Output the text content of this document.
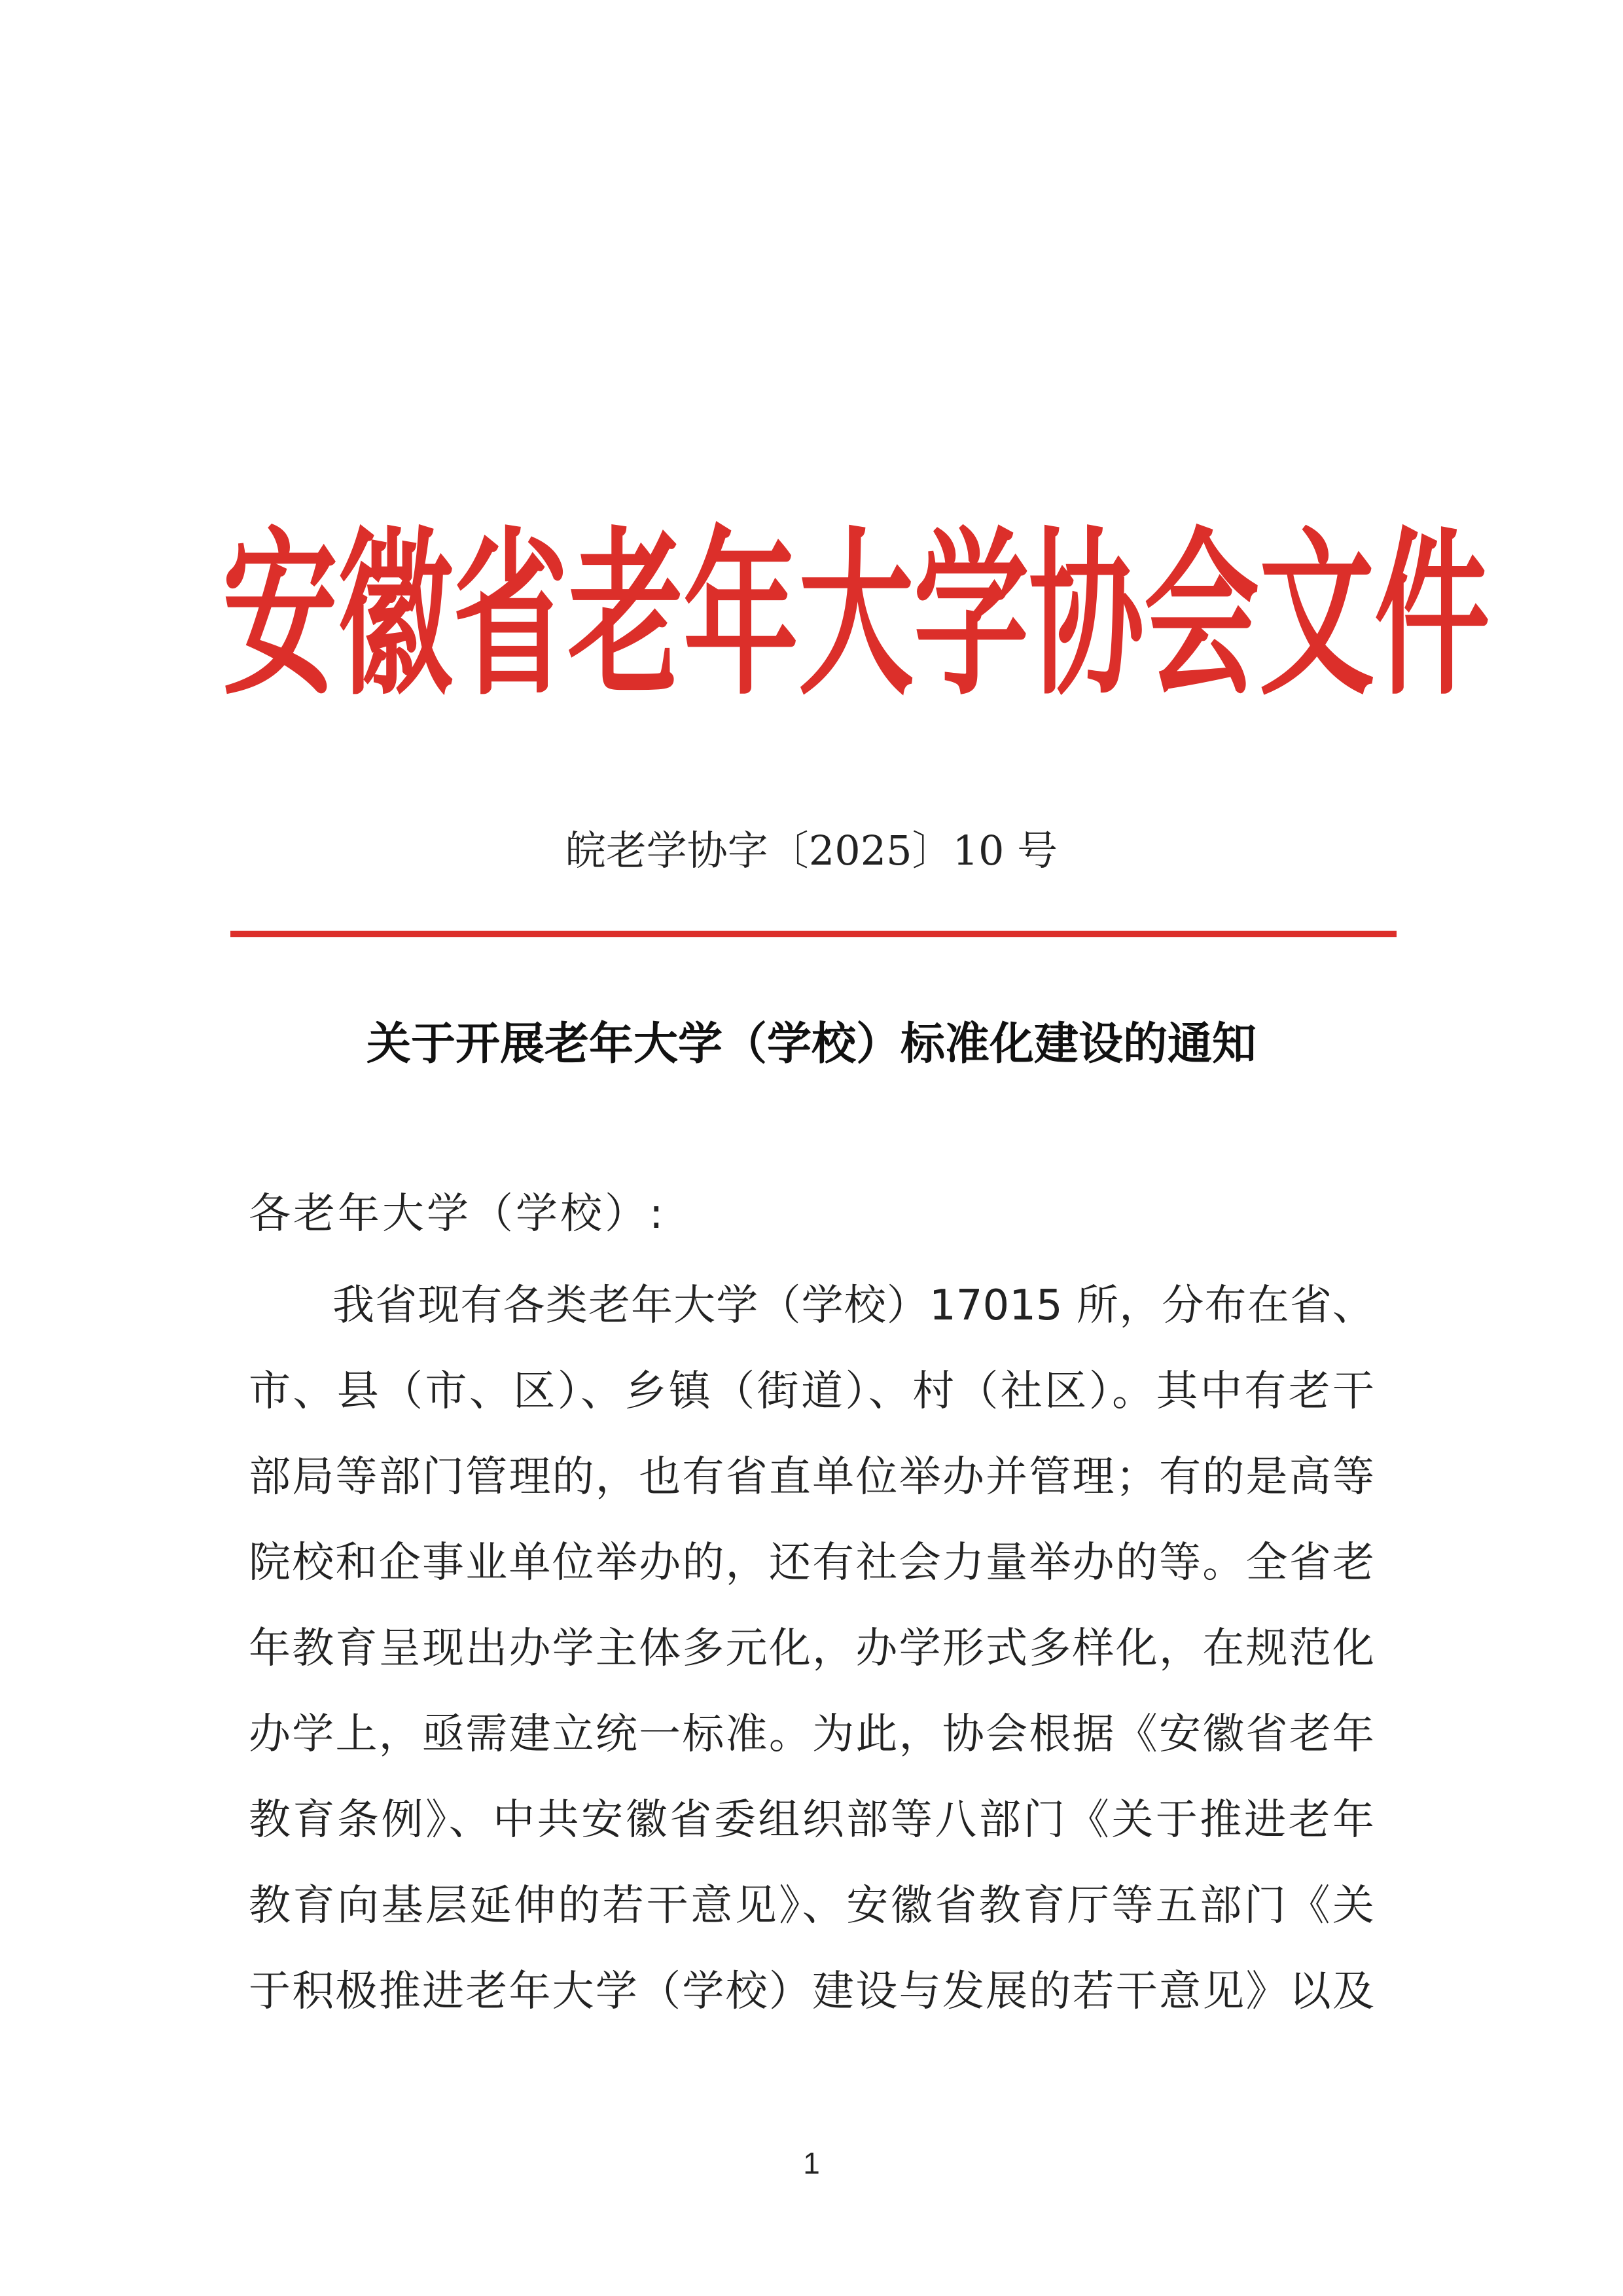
安 徽 省 老 年 大 学 协 会 文 件
皖老学协字〔2025〕10 号
关于开展老年大学（学校）标准化建设的通知
各老年大学（学校）:
我省现有各类老年大学（学校）17015 所，分布在省、
市、县（市、区）、乡镇（街道）、村（社区）。其中有老干
部局等部门管理的，也有省直单位举办并管理；有的是高等
院校和企事业单位举办的，还有社会力量举办的等。全省老
年教育呈现出办学主体多元化，办学形式多样化，在规范化
办学上，亟需建立统一标准。为此，协会根据《安徽省老年
教育条例》、中共安徽省委组织部等八部门《关于推进老年
教育向基层延伸的若干意见》、安徽省教育厅等五部门《关
于积极推进老年大学（学校）建设与发展的若干意见》以及
1
